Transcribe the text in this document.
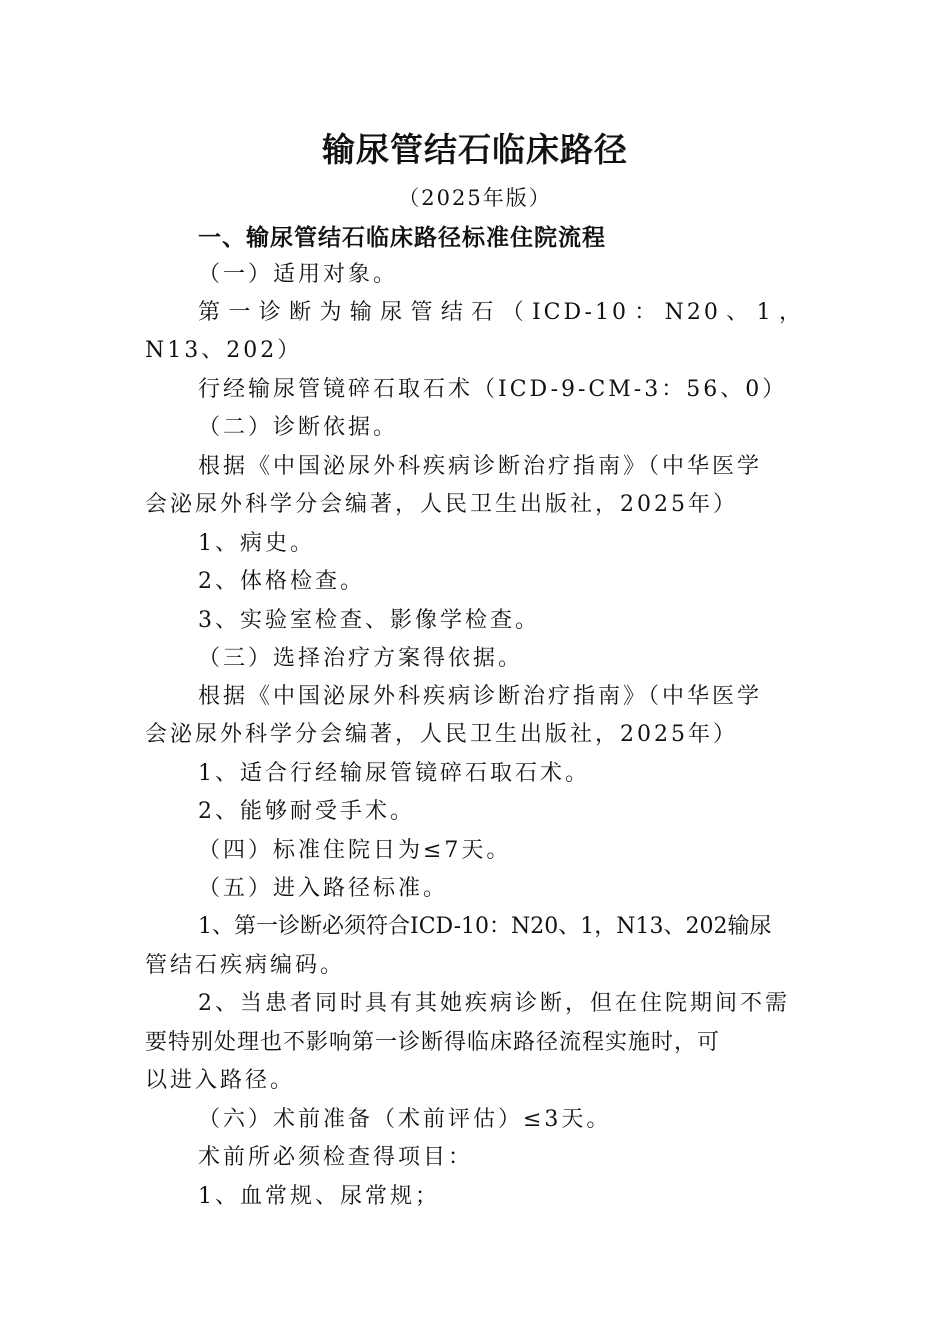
输尿管结石临床路径
（2025年版）
一、输尿管结石临床路径标准住院流程
（一）适用对象。
第一诊断为输尿管结石（ICD-10：N20、1，
N13、202）
行经输尿管镜碎石取石术（ICD-9-CM-3：56、0）
（二）诊断依据。
根据《中国泌尿外科疾病诊断治疗指南》（中华医学
会泌尿外科学分会编著，人民卫生出版社，2025年）
1、病史。
2、体格检查。
3、实验室检查、影像学检查。
（三）选择治疗方案得依据。
根据《中国泌尿外科疾病诊断治疗指南》（中华医学
会泌尿外科学分会编著，人民卫生出版社，2025年）
1、适合行经输尿管镜碎石取石术。
2、能够耐受手术。
（四）标准住院日为≤7天。
（五）进入路径标准。
1、第一诊断必须符合ICD-10：N20、1，N13、202输尿
管结石疾病编码。
2、当患者同时具有其她疾病诊断，但在住院期间不需
要特别处理也不影响第一诊断得临床路径流程实施时，可
以进入路径。
（六）术前准备（术前评估）≤3天。
术前所必须检查得项目：
1、血常规、尿常规；
